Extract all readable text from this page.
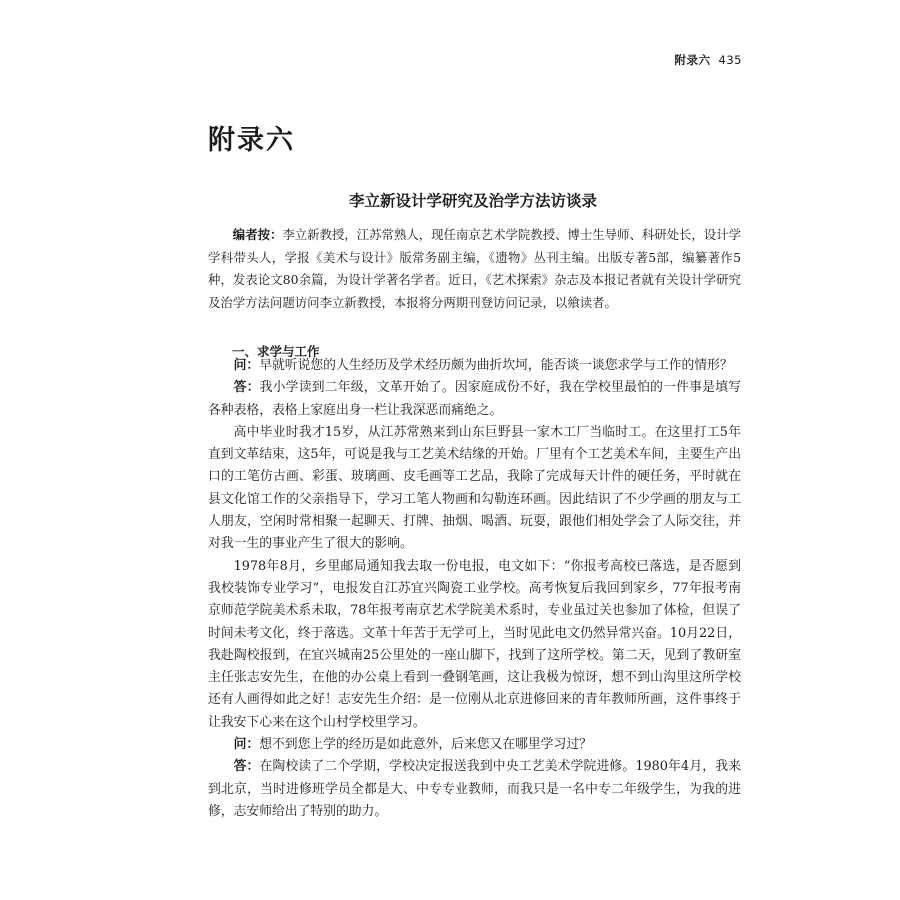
附录六 435
附录六
李立新设计学研究及治学方法访谈录

编者按：李立新教授，江苏常熟人，现任南京艺术学院教授、博士生导师、科研处长，设计学学科带头人，学报《美术与设计》版常务副主编，《遗物》丛刊主编。出版专著5部，编纂著作5种，发表论文80余篇，为设计学著名学者。近日，《艺术探索》杂志及本报记者就有关设计学研究及治学方法问题访问李立新教授，本报将分两期刊登访问记录，以飨读者。

一、求学与工作

问：早就听说您的人生经历及学术经历颇为曲折坎坷，能否谈一谈您求学与工作的情形？

答：我小学读到二年级，文革开始了。因家庭成份不好，我在学校里最怕的一件事是填写各种表格，表格上家庭出身一栏让我深恶而痛绝之。

高中毕业时我才15岁，从江苏常熟来到山东巨野县一家木工厂当临时工。在这里打工5年直到文革结束，这5年，可说是我与工艺美术结缘的开始。厂里有个工艺美术车间，主要生产出口的工笔仿古画、彩蛋、玻璃画、皮毛画等工艺品，我除了完成每天计件的硬任务，平时就在县文化馆工作的父亲指导下，学习工笔人物画和勾勒连环画。因此结识了不少学画的朋友与工人朋友，空闲时常相聚一起聊天、打牌、抽烟、喝酒、玩耍，跟他们相处学会了人际交往，并对我一生的事业产生了很大的影响。

1978年8月，乡里邮局通知我去取一份电报，电文如下：“你报考高校已落选，是否愿到我校装饰专业学习”，电报发自江苏宜兴陶瓷工业学校。高考恢复后我回到家乡，77年报考南京师范学院美术系未取，78年报考南京艺术学院美术系时，专业虽过关也参加了体检，但误了时间未考文化，终于落选。文革十年苦于无学可上，当时见此电文仍然异常兴奋。10月22日，我赴陶校报到，在宜兴城南25公里处的一座山脚下，找到了这所学校。第二天，见到了教研室主任张志安先生，在他的办公桌上看到一叠钢笔画，这让我极为惊讶，想不到山沟里这所学校还有人画得如此之好！志安先生介绍：是一位刚从北京进修回来的青年教师所画，这件事终于让我安下心来在这个山村学校里学习。

问：想不到您上学的经历是如此意外，后来您又在哪里学习过？

答：在陶校读了二个学期，学校决定报送我到中央工艺美术学院进修。1980年4月，我来到北京，当时进修班学员全都是大、中专专业教师，而我只是一名中专二年级学生，为我的进修，志安师给出了特别的助力。
